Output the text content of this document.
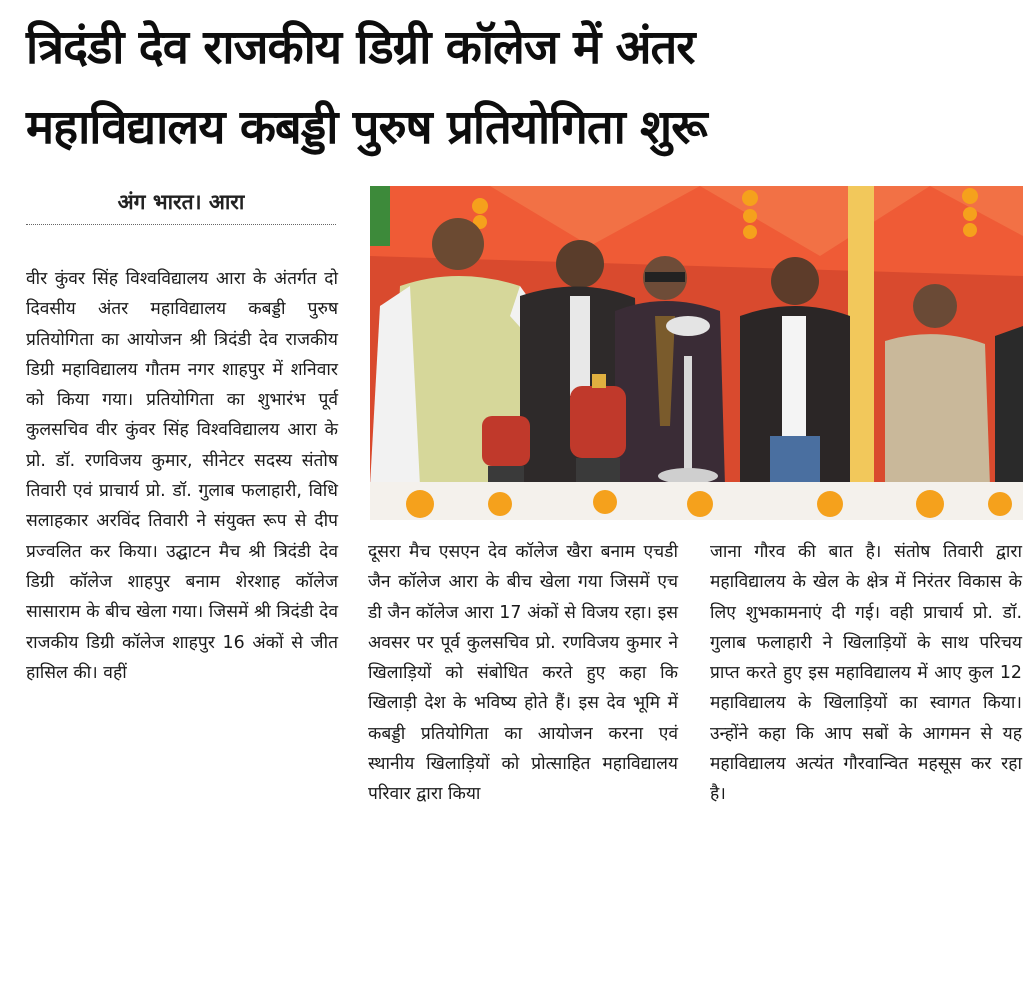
त्रिदंडी देव राजकीय डिग्री कॉलेज में अंतर
महाविद्यालय कबड्डी पुरुष प्रतियोगिता शुरू
अंग भारत। आरा

वीर कुंवर सिंह विश्वविद्यालय आरा के अंतर्गत दो दिवसीय अंतर महाविद्यालय कबड्डी पुरुष प्रतियोगिता का आयोजन श्री त्रिदंडी देव राजकीय डिग्री महाविद्यालय गौतम नगर शाहपुर में शनिवार को किया गया। प्रतियोगिता का शुभारंभ पूर्व कुलसचिव वीर कुंवर सिंह विश्वविद्यालय आरा के प्रो. डॉ. रणविजय कुमार, सीनेटर सदस्य संतोष तिवारी एवं प्राचार्य प्रो. डॉ. गुलाब फलाहारी, विधि सलाहकार अरविंद तिवारी ने संयुक्त रूप से दीप प्रज्वलित कर किया। उद्घाटन मैच श्री त्रिदंडी देव डिग्री कॉलेज शाहपुर बनाम शेरशाह कॉलेज सासाराम के बीच खेला गया। जिसमें श्री त्रिदंडी देव राजकीय डिग्री कॉलेज शाहपुर 16 अंकों से जीत हासिल की। वहीं

दूसरा मैच एसएन देव कॉलेज खैरा बनाम एचडी जैन कॉलेज आरा के बीच खेला गया जिसमें एच डी जैन कॉलेज आरा 17 अंकों से विजय रहा। इस अवसर पर पूर्व कुलसचिव प्रो. रणविजय कुमार ने खिलाड़ियों को संबोधित करते हुए कहा कि खिलाड़ी देश के भविष्य होते हैं। इस देव भूमि में कबड्डी प्रतियोगिता का आयोजन करना एवं स्थानीय खिलाड़ियों को प्रोत्साहित महाविद्यालय परिवार द्वारा किया

जाना गौरव की बात है। संतोष तिवारी द्वारा महाविद्यालय के खेल के क्षेत्र में निरंतर विकास के लिए शुभकामनाएं दी गई। वही प्राचार्य प्रो. डॉ. गुलाब फलाहारी ने खिलाड़ियों के साथ परिचय प्राप्त करते हुए इस महाविद्यालय में आए कुल 12 महाविद्यालय के खिलाड़ियों का स्वागत किया। उन्होंने कहा कि आप सबों के आगमन से यह महाविद्यालय अत्यंत गौरवान्वित महसूस कर रहा है।
